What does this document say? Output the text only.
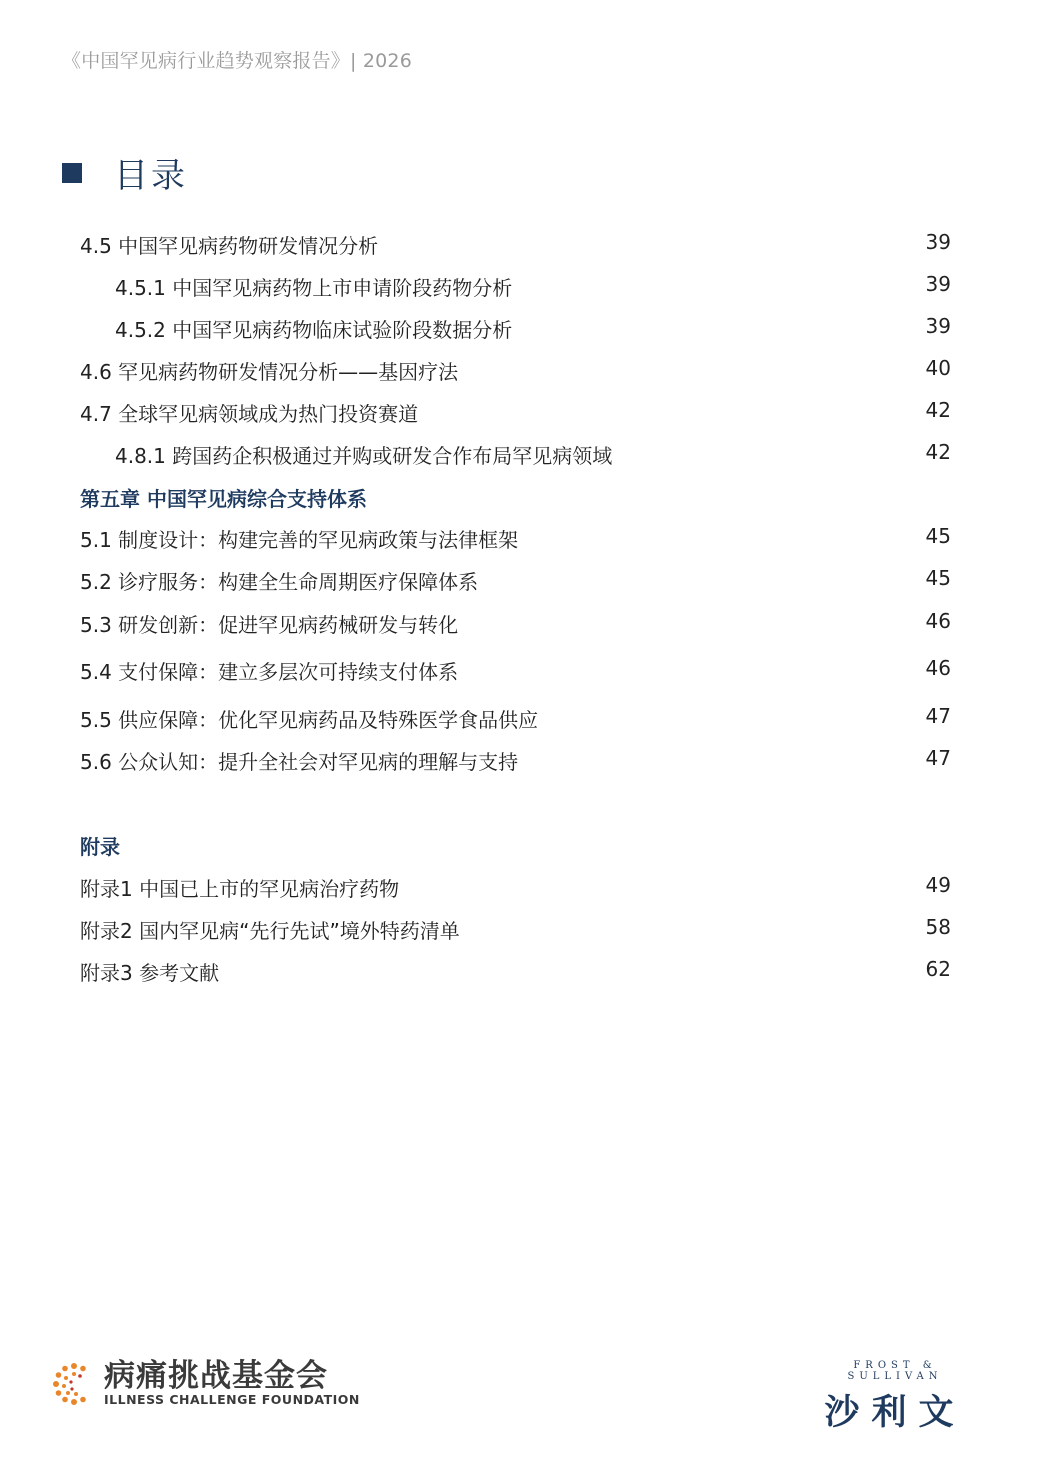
《中国罕见病行业趋势观察报告》| 2026
目录
4.5 中国罕见病药物研发情况分析	39
4.5.1 中国罕见病药物上市申请阶段药物分析	39
4.5.2 中国罕见病药物临床试验阶段数据分析	39
4.6 罕见病药物研发情况分析——基因疗法	40
4.7 全球罕见病领域成为热门投资赛道	42
4.8.1 跨国药企积极通过并购或研发合作布局罕见病领域	42
第五章 中国罕见病综合支持体系
5.1 制度设计：构建完善的罕见病政策与法律框架	45
5.2 诊疗服务：构建全生命周期医疗保障体系	45
5.3 研发创新：促进罕见病药械研发与转化	46
5.4 支付保障：建立多层次可持续支付体系	46
5.5 供应保障：优化罕见病药品及特殊医学食品供应	47
5.6 公众认知：提升全社会对罕见病的理解与支持	47
附录
附录1 中国已上市的罕见病治疗药物	49
附录2 国内罕见病“先行先试”境外特药清单	58
附录3 参考文献	62
病痛挑战基金会
ILLNESS CHALLENGE FOUNDATION
FROST & SULLIVAN
沙利文
